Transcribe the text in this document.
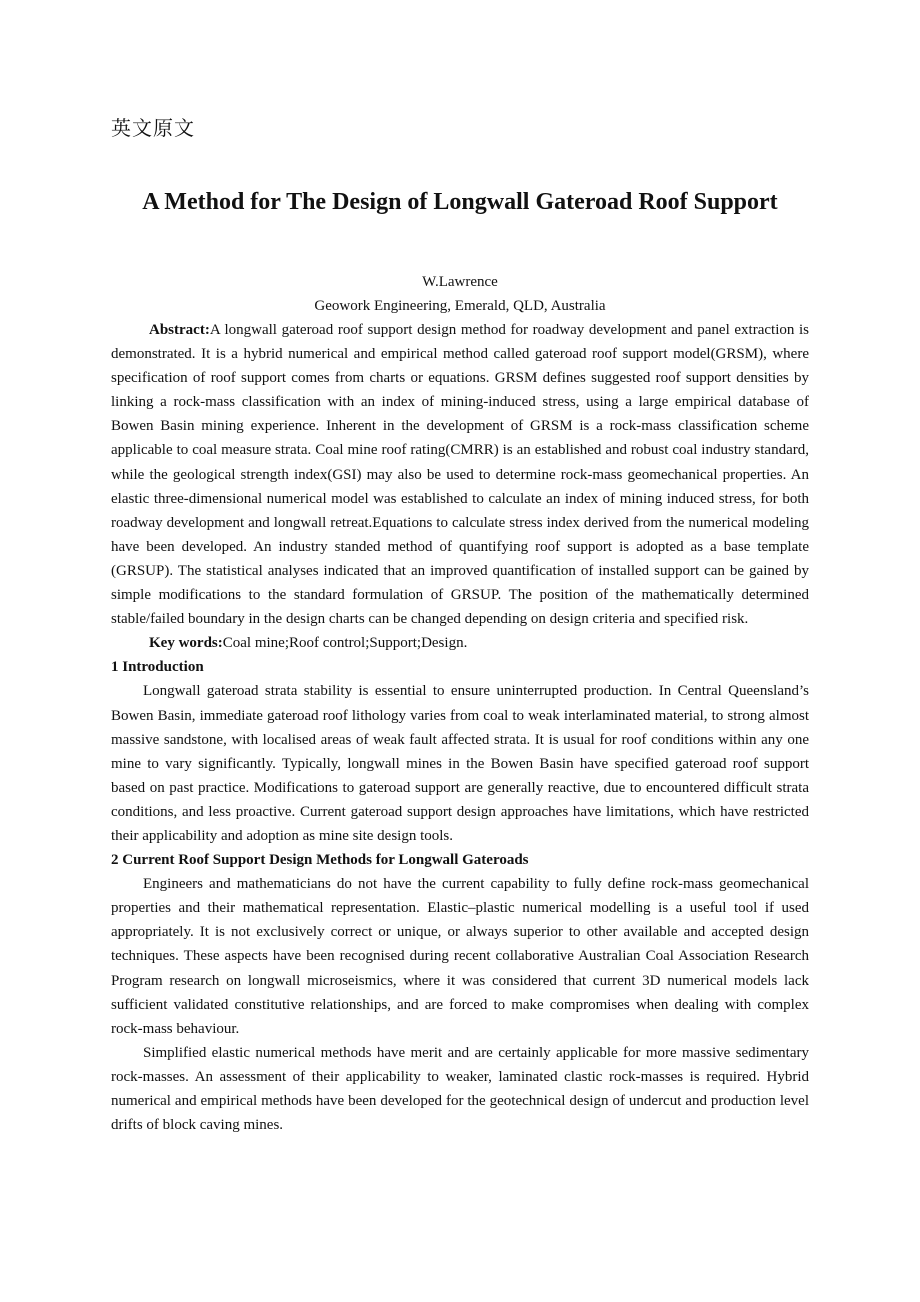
英文原文
A Method for The Design of Longwall Gateroad Roof Support
W.Lawrence
Geowork Engineering, Emerald, QLD, Australia

Abstract:A longwall gateroad roof support design method for roadway development and panel extraction is demonstrated. It is a hybrid numerical and empirical method called gateroad roof support model(GRSM), where specification of roof support comes from charts or equations. GRSM defines suggested roof support densities by linking a rock-mass classification with an index of mining-induced stress, using a large empirical database of Bowen Basin mining experience. Inherent in the development of GRSM is a rock-mass classification scheme applicable to coal measure strata. Coal mine roof rating(CMRR) is an established and robust coal industry standard, while the geological strength index(GSI) may also be used to determine rock-mass geomechanical properties. An elastic three-dimensional numerical model was established to calculate an index of mining induced stress, for both roadway development and longwall retreat.Equations to calculate stress index derived from the numerical modeling have been developed. An industry standed method of quantifying roof support is adopted as a base template (GRSUP). The statistical analyses indicated that an improved quantification of installed support can be gained by simple modifications to the standard formulation of GRSUP. The position of the mathematically determined stable/failed boundary in the design charts can be changed depending on design criteria and specified risk.

Key words:Coal mine;Roof control;Support;Design.

1 Introduction

Longwall gateroad strata stability is essential to ensure uninterrupted production. In Central Queensland’s Bowen Basin, immediate gateroad roof lithology varies from coal to weak interlaminated material, to strong almost massive sandstone, with localised areas of weak fault affected strata. It is usual for roof conditions within any one mine to vary significantly. Typically, longwall mines in the Bowen Basin have specified gateroad roof support based on past practice. Modifications to gateroad support are generally reactive, due to encountered difficult strata conditions, and less proactive. Current gateroad support design approaches have limitations, which have restricted their applicability and adoption as mine site design tools.

2 Current Roof Support Design Methods for Longwall Gateroads

Engineers and mathematicians do not have the current capability to fully define rock-mass geomechanical properties and their mathematical representation. Elastic–plastic numerical modelling is a useful tool if used appropriately. It is not exclusively correct or unique, or always superior to other available and accepted design techniques. These aspects have been recognised during recent collaborative Australian Coal Association Research Program research on longwall microseismics, where it was considered that current 3D numerical models lack sufficient validated constitutive relationships, and are forced to make compromises when dealing with complex rock-mass behaviour.

Simplified elastic numerical methods have merit and are certainly applicable for more massive sedimentary rock-masses. An assessment of their applicability to weaker, laminated clastic rock-masses is required. Hybrid numerical and empirical methods have been developed for the geotechnical design of undercut and production level drifts of block caving mines.
